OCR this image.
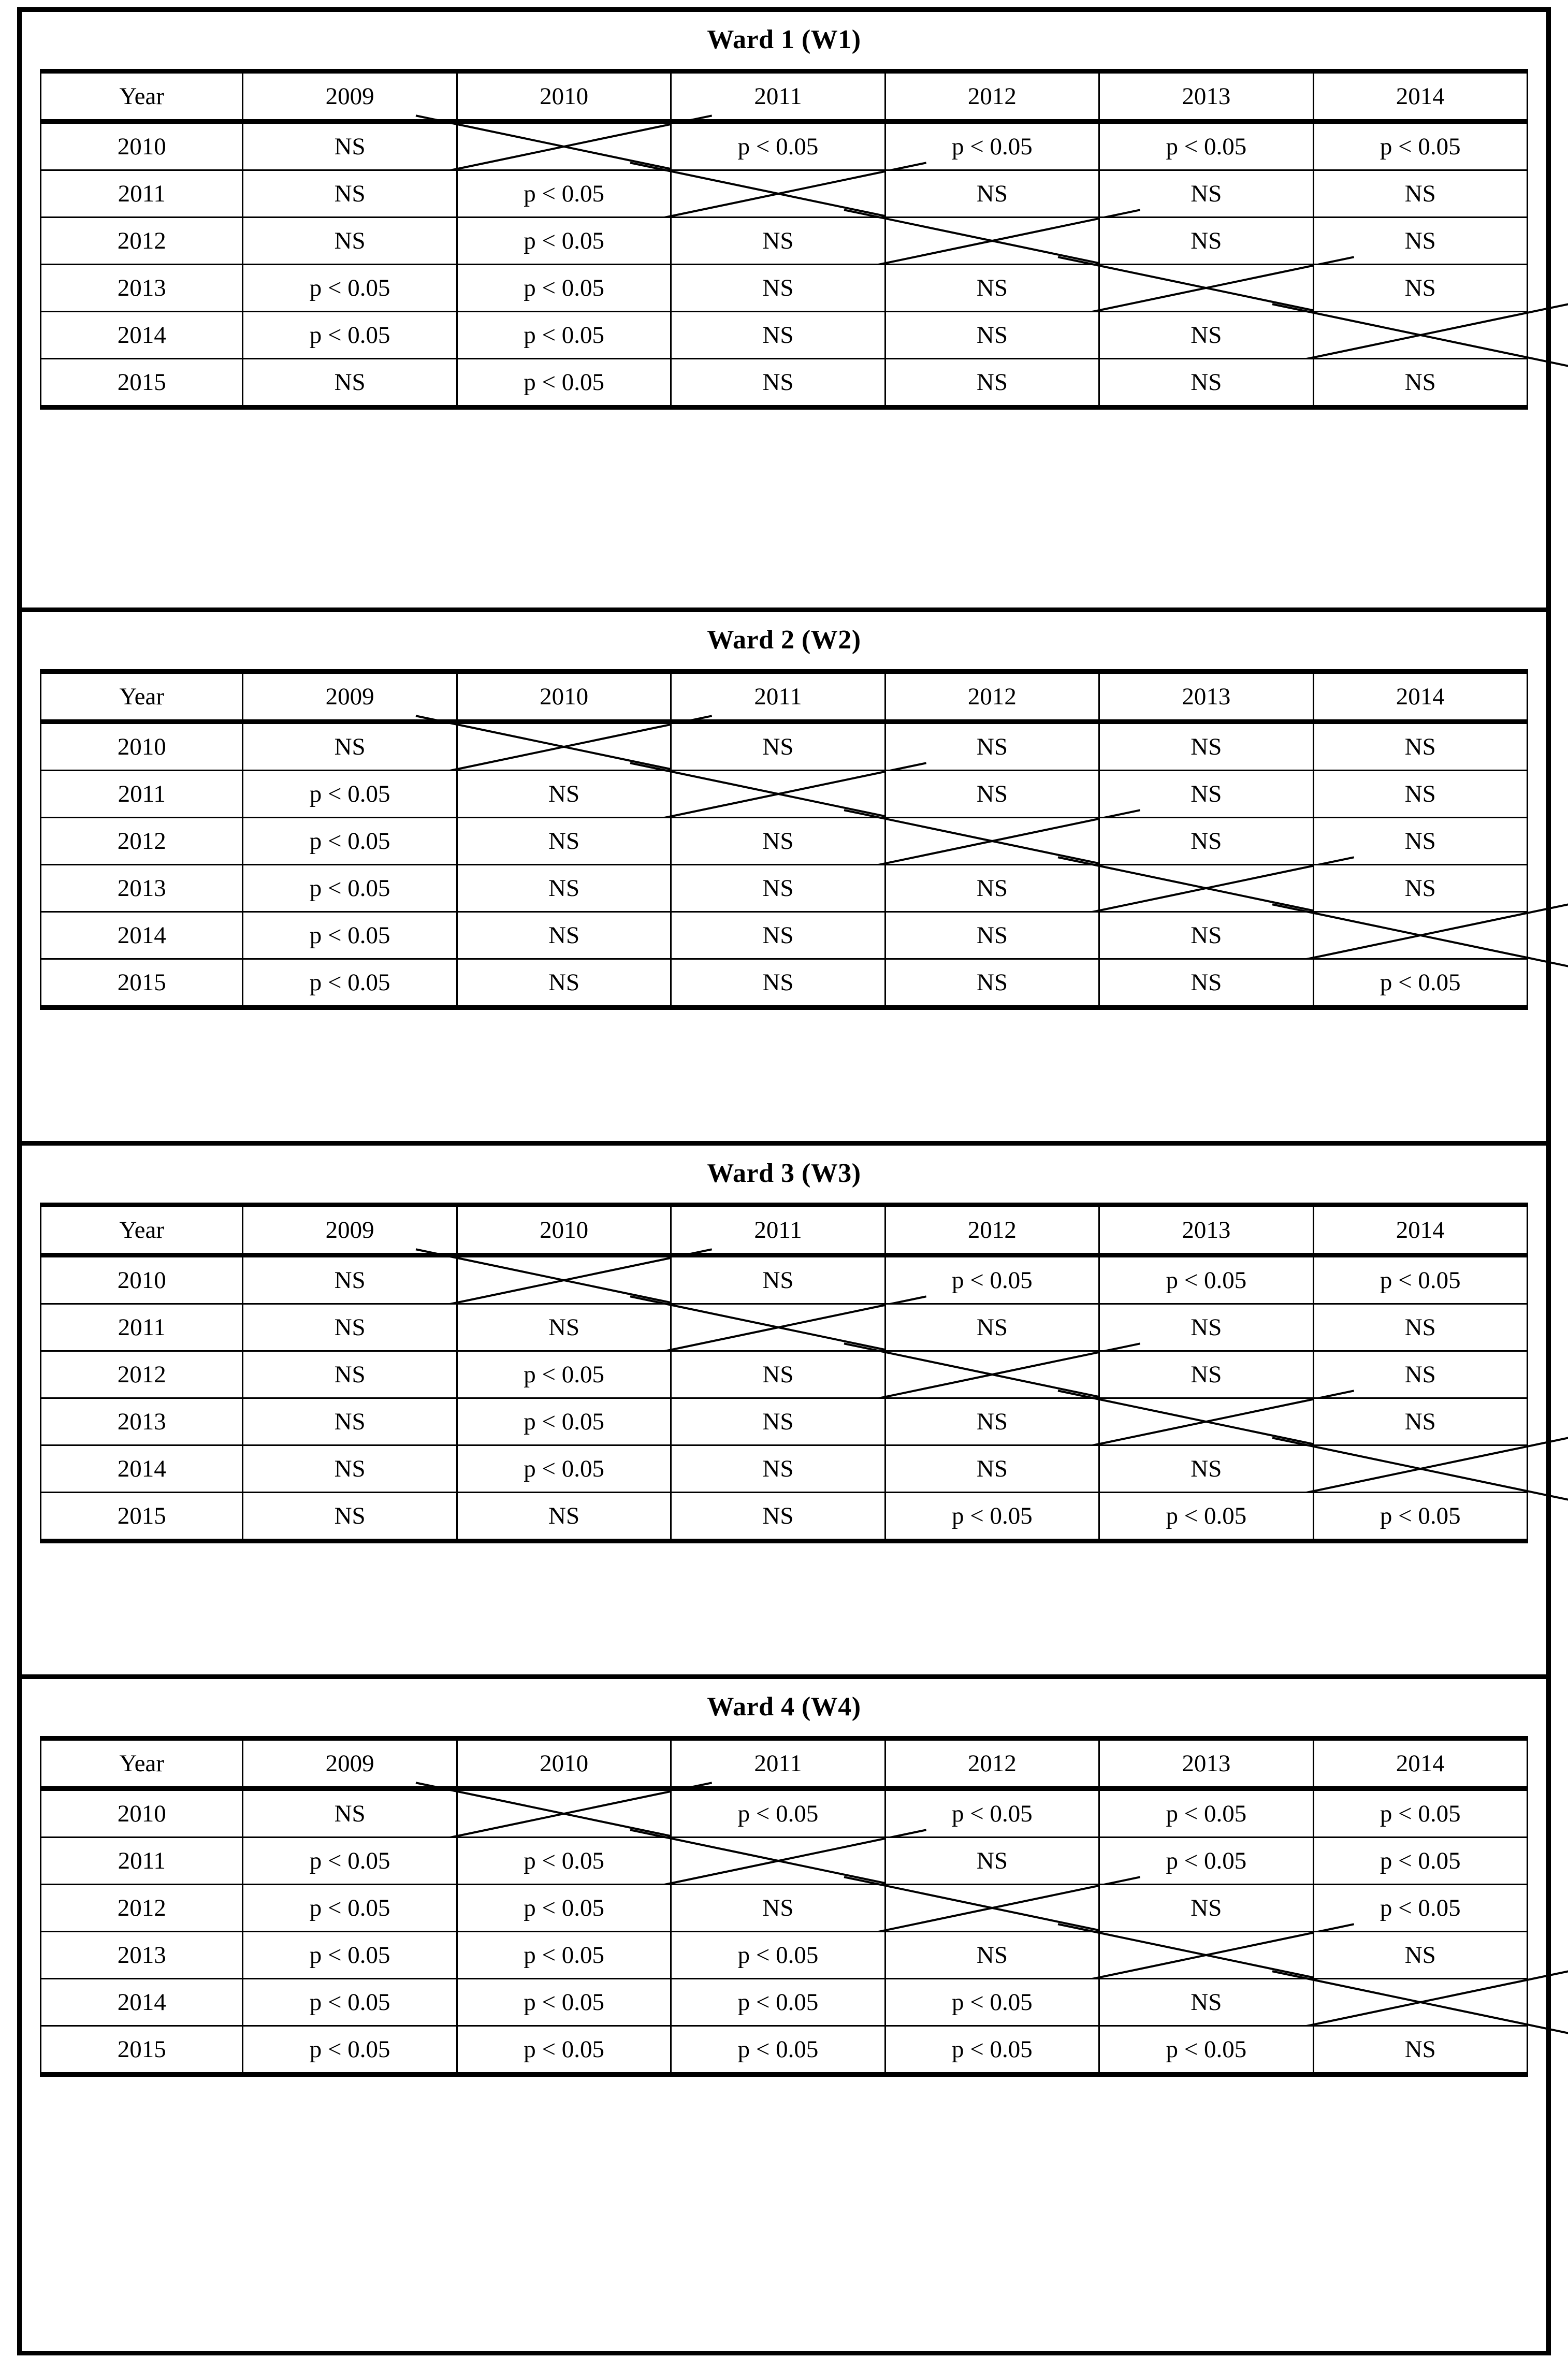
Ward 1 (W1)
Year	2009	2010	2011	2012	2013	2014
2010	NS		p < 0.05	p < 0.05	p < 0.05	p < 0.05
2011	NS	p < 0.05		NS	NS	NS
2012	NS	p < 0.05	NS		NS	NS
2013	p < 0.05	p < 0.05	NS	NS		NS
2014	p < 0.05	p < 0.05	NS	NS	NS	

2015	NS	p < 0.05	NS	NS	NS	NS
Ward 2 (W2)
Year	2009	2010	2011	2012	2013	2014
2010	NS		NS	NS	NS	NS
2011	p < 0.05	NS		NS	NS	NS
2012	p < 0.05	NS	NS		NS	NS
2013	p < 0.05	NS	NS	NS		NS
2014	p < 0.05	NS	NS	NS	NS	

2015	p < 0.05	NS	NS	NS	NS	p < 0.05
Ward 3 (W3)
Year	2009	2010	2011	2012	2013	2014
2010	NS		NS	p < 0.05	p < 0.05	p < 0.05
2011	NS	NS		NS	NS	NS
2012	NS	p < 0.05	NS		NS	NS
2013	NS	p < 0.05	NS	NS		NS
2014	NS	p < 0.05	NS	NS	NS	

2015	NS	NS	NS	p < 0.05	p < 0.05	p < 0.05
Ward 4 (W4)
Year	2009	2010	2011	2012	2013	2014
2010	NS		p < 0.05	p < 0.05	p < 0.05	p < 0.05
2011	p < 0.05	p < 0.05		NS	p < 0.05	p < 0.05
2012	p < 0.05	p < 0.05	NS		NS	p < 0.05
2013	p < 0.05	p < 0.05	p < 0.05	NS		NS
2014	p < 0.05	p < 0.05	p < 0.05	p < 0.05	NS	

2015	p < 0.05	p < 0.05	p < 0.05	p < 0.05	p < 0.05	NS
